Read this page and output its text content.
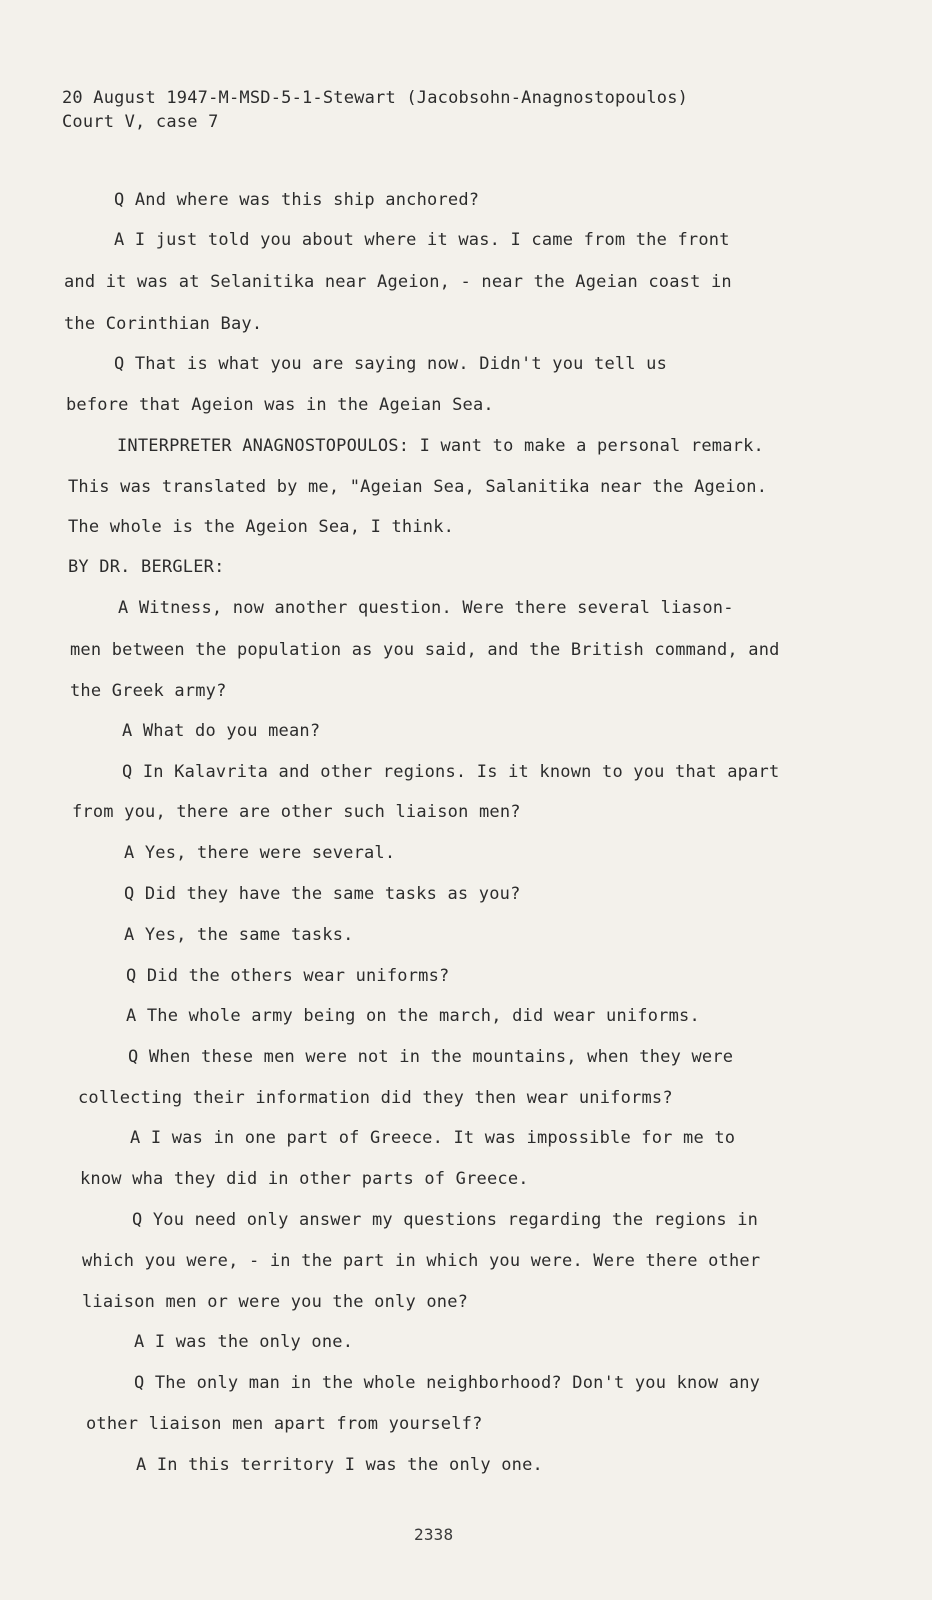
20 August 1947-M-MSD-5-1-Stewart (Jacobsohn-Anagnostopoulos)
Court V, case 7
Q And where was this ship anchored?
A I just told you about where it was. I came from the front
and it was at Selanitika near Ageion, - near the Ageian coast in
the Corinthian Bay.
Q That is what you are saying now. Didn't you tell us
before that Ageion was in the Ageian Sea.
INTERPRETER ANAGNOSTOPOULOS: I want to make a personal remark.
This was translated by me, "Ageian Sea, Salanitika near the Ageion.
The whole is the Ageion Sea, I think.
BY DR. BERGLER:
A Witness, now another question. Were there several liason-
men between the population as you said, and the British command, and
the Greek army?
A What do you mean?
Q In Kalavrita and other regions. Is it known to you that apart
from you, there are other such liaison men?
A Yes, there were several.
Q Did they have the same tasks as you?
A Yes, the same tasks.
Q Did the others wear uniforms?
A The whole army being on the march, did wear uniforms.
Q When these men were not in the mountains, when they were
collecting their information did they then wear uniforms?
A I was in one part of Greece. It was impossible for me to
know wha they did in other parts of Greece.
Q You need only answer my questions regarding the regions in
which you were, - in the part in which you were. Were there other
liaison men or were you the only one?
A I was the only one.
Q The only man in the whole neighborhood? Don't you know any
other liaison men apart from yourself?
A In this territory I was the only one.
2338
